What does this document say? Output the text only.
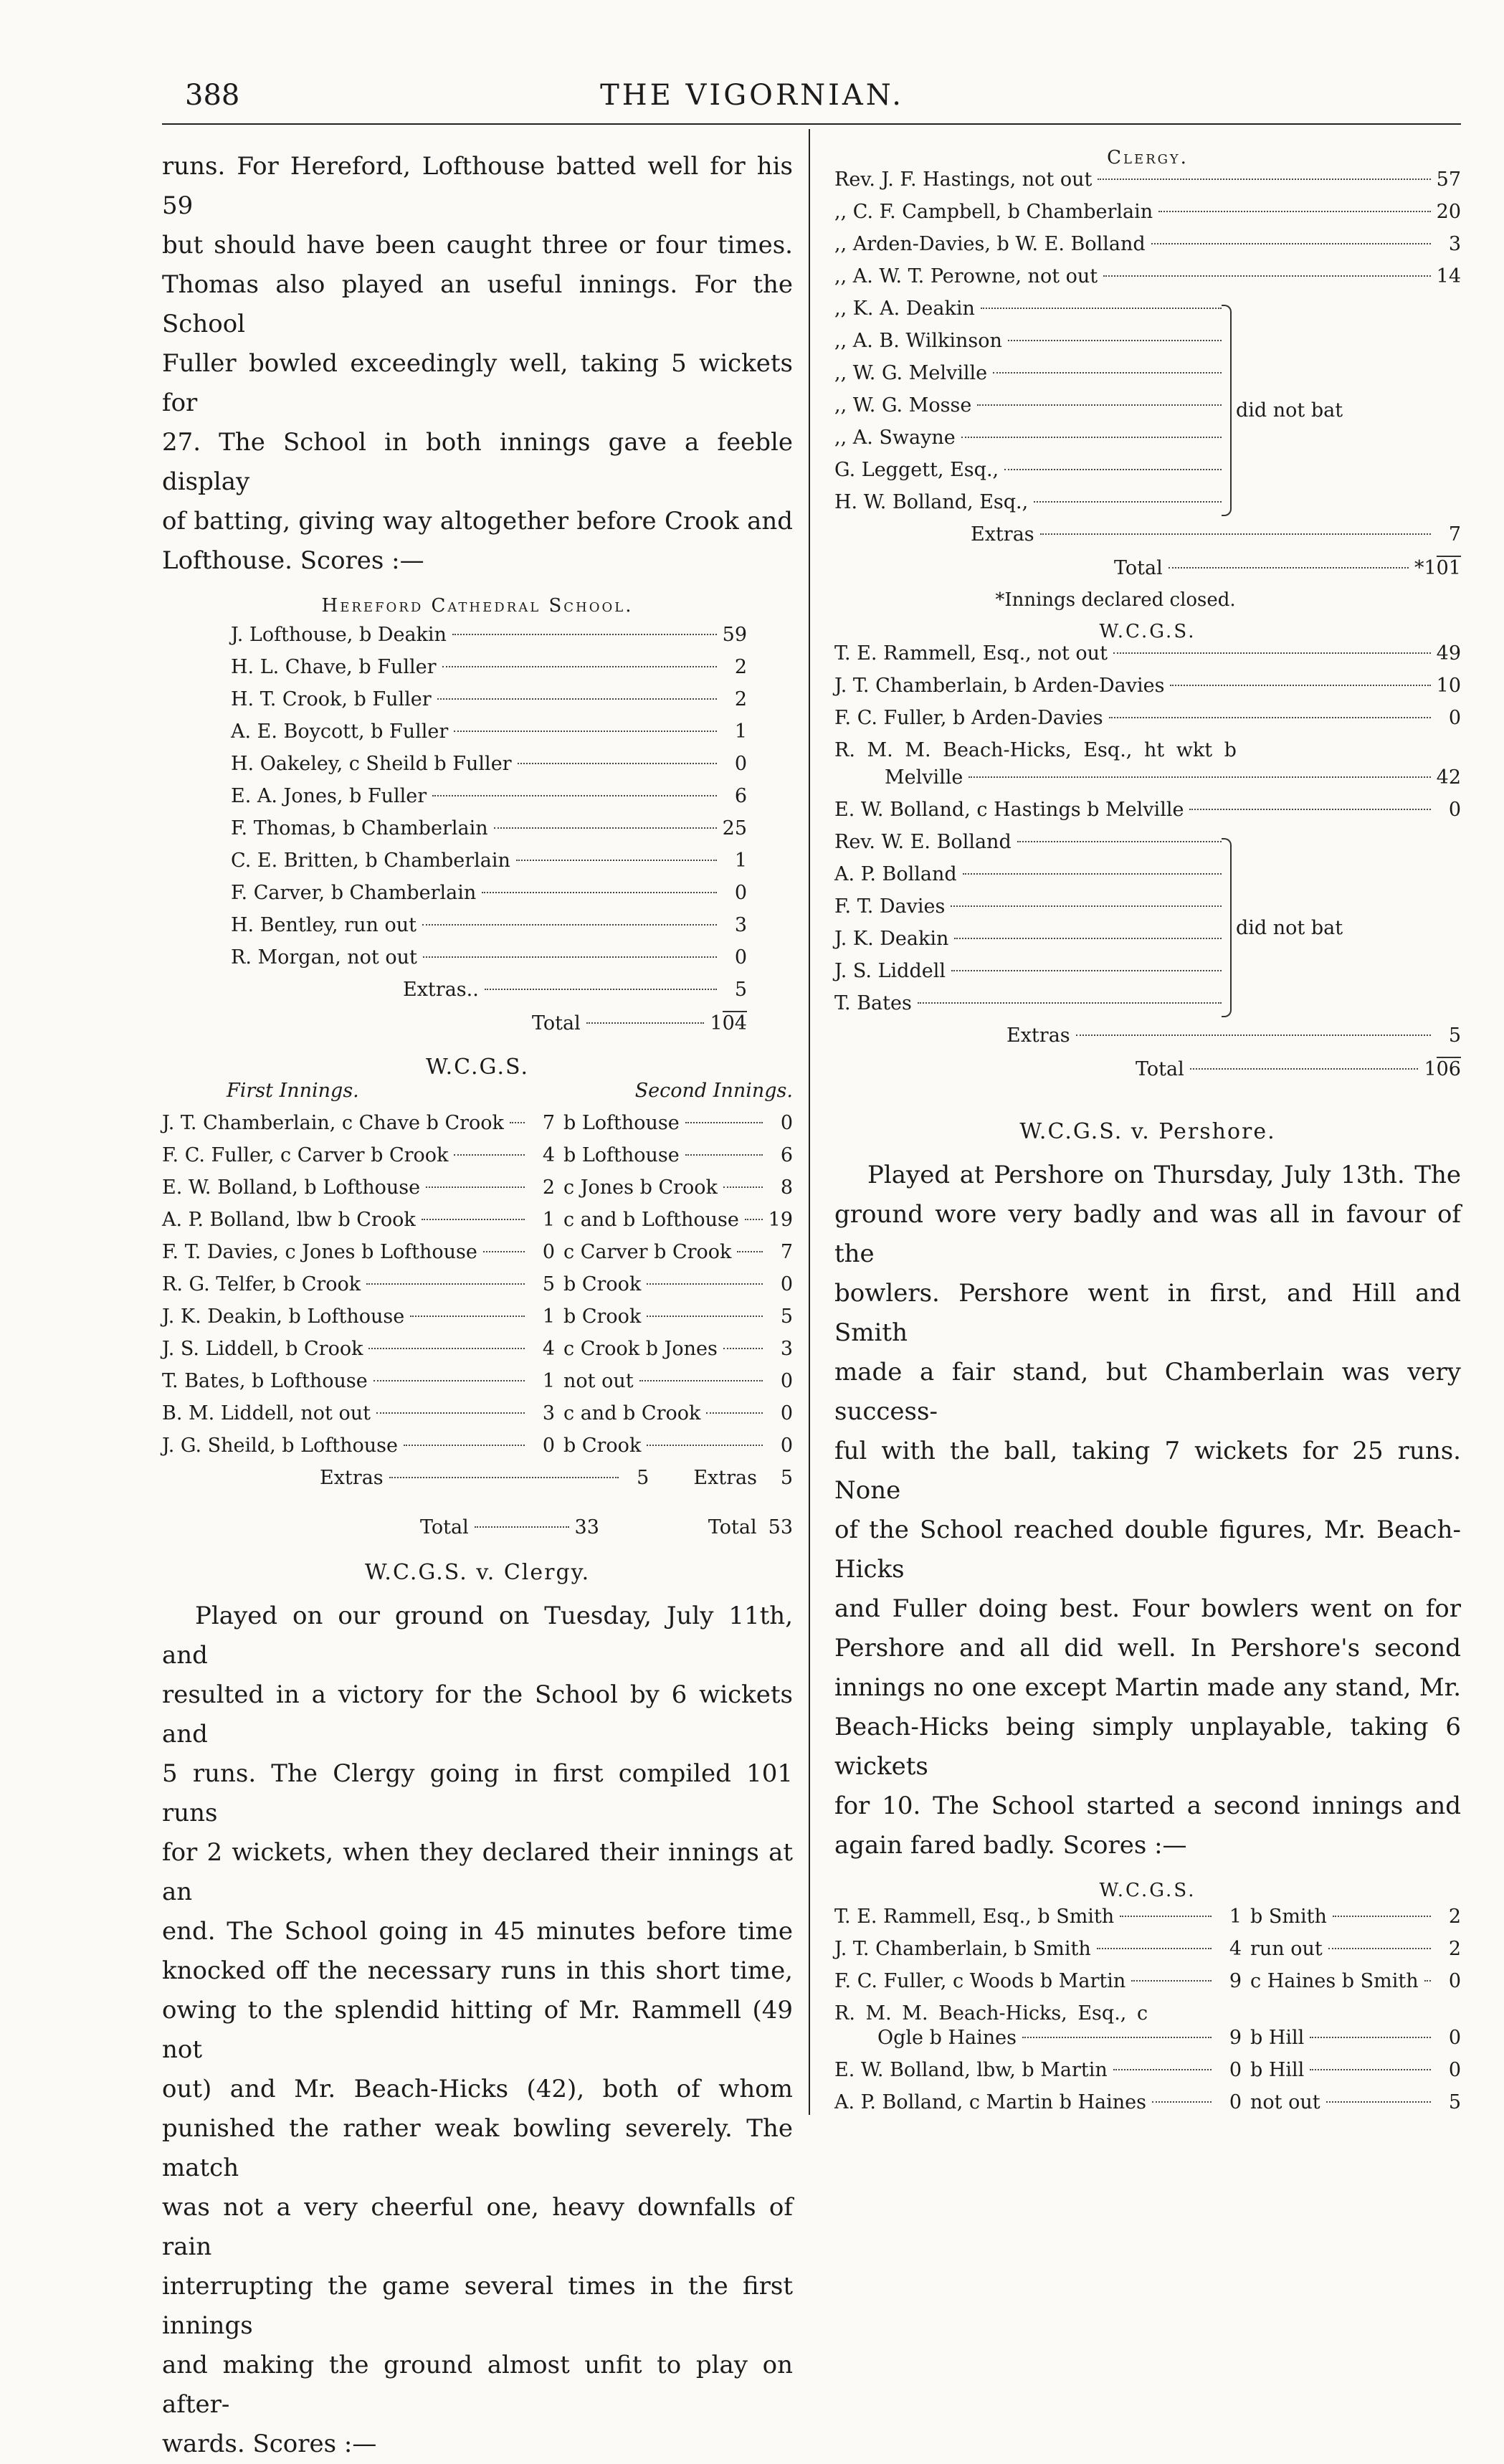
388	THE VIGORNIAN.
runs. For Hereford, Lofthouse batted well for his 59
but should have been caught three or four times.
Thomas also played an useful innings. For the School
Fuller bowled exceedingly well, taking 5 wickets for
27. The School in both innings gave a feeble display
of batting, giving way altogether before Crook and
Lofthouse. Scores :—
Hereford Cathedral School.
J. Lofthouse, b Deakin	59
H. L. Chave, b Fuller	2
H. T. Crook, b Fuller	2
A. E. Boycott, b Fuller	1
H. Oakeley, c Sheild b Fuller	0
E. A. Jones, b Fuller	6
F. Thomas, b Chamberlain	25
C. E. Britten, b Chamberlain	1
F. Carver, b Chamberlain	0
H. Bentley, run out	3
R. Morgan, not out	0
Extras..	5
Total	104
W.C.G.S.
First Innings.	Second Innings.
J. T. Chamberlain, c Chave b Crook	7 b Lofthouse	0
F. C. Fuller, c Carver b Crook	4 b Lofthouse	6
E. W. Bolland, b Lofthouse	2 c Jones b Crook	8
A. P. Bolland, lbw b Crook	1 c and b Lofthouse 19
F. T. Davies, c Jones b Lofthouse	0 c Carver b Crook	7
R. G. Telfer, b Crook	5 b Crook	0
J. K. Deakin, b Lofthouse	1 b Crook	5
J. S. Liddell, b Crook	4 c Crook b Jones	3
T. Bates, b Lofthouse	1 not out	0
B. M. Liddell, not out	3 c and b Crook	0
J. G. Sheild, b Lofthouse	0 b Crook	0
Extras	5 Extras	5
Total	33	Total 53
W.C.G.S. v. Clergy.
Played on our ground on Tuesday, July 11th, and
resulted in a victory for the School by 6 wickets and
5 runs. The Clergy going in first compiled 101 runs
for 2 wickets, when they declared their innings at an
end. The School going in 45 minutes before time
knocked off the necessary runs in this short time,
owing to the splendid hitting of Mr. Rammell (49 not
out) and Mr. Beach-Hicks (42), both of whom
punished the rather weak bowling severely. The match
was not a very cheerful one, heavy downfalls of rain
interrupting the game several times in the first innings
and making the ground almost unfit to play on after-
wards. Scores :—
Clergy.
Rev. J. F. Hastings, not out	57
,, C. F. Campbell, b Chamberlain	20
,, Arden-Davies, b W. E. Bolland	3
,, A. W. T. Perowne, not out	14
,, K. A. Deakin
,, A. B. Wilkinson
,, W. G. Melville
,, W. G. Mosse
,, A. Swayne
G. Leggett, Esq.,
H. W. Bolland, Esq.,
did not bat
Extras	7
Total	*101
*Innings declared closed.
W.C.G.S.
T. E. Rammell, Esq., not out	49
J. T. Chamberlain, b Arden-Davies	10
F. C. Fuller, b Arden-Davies	0
R. M. M. Beach-Hicks, Esq., ht wkt b
Melville	42
E. W. Bolland, c Hastings b Melville	0
Rev. W. E. Bolland
A. P. Bolland
F. T. Davies
J. K. Deakin
J. S. Liddell
T. Bates
did not bat
Extras	5
Total	106
W.C.G.S. v. Pershore.
Played at Pershore on Thursday, July 13th. The
ground wore very badly and was all in favour of the
bowlers. Pershore went in first, and Hill and Smith
made a fair stand, but Chamberlain was very success-
ful with the ball, taking 7 wickets for 25 runs. None
of the School reached double figures, Mr. Beach-Hicks
and Fuller doing best. Four bowlers went on for
Pershore and all did well. In Pershore's second
innings no one except Martin made any stand, Mr.
Beach-Hicks being simply unplayable, taking 6 wickets
for 10. The School started a second innings and
again fared badly. Scores :—
W.C.G.S.
T. E. Rammell, Esq., b Smith	1 b Smith	2
J. T. Chamberlain, b Smith	4 run out	2
F. C. Fuller, c Woods b Martin	9 c Haines b Smith	0
R. M. M. Beach-Hicks, Esq., c
Ogle b Haines	9 b Hill	0
E. W. Bolland, lbw, b Martin	0 b Hill	0
A. P. Bolland, c Martin b Haines	0 not out	5
